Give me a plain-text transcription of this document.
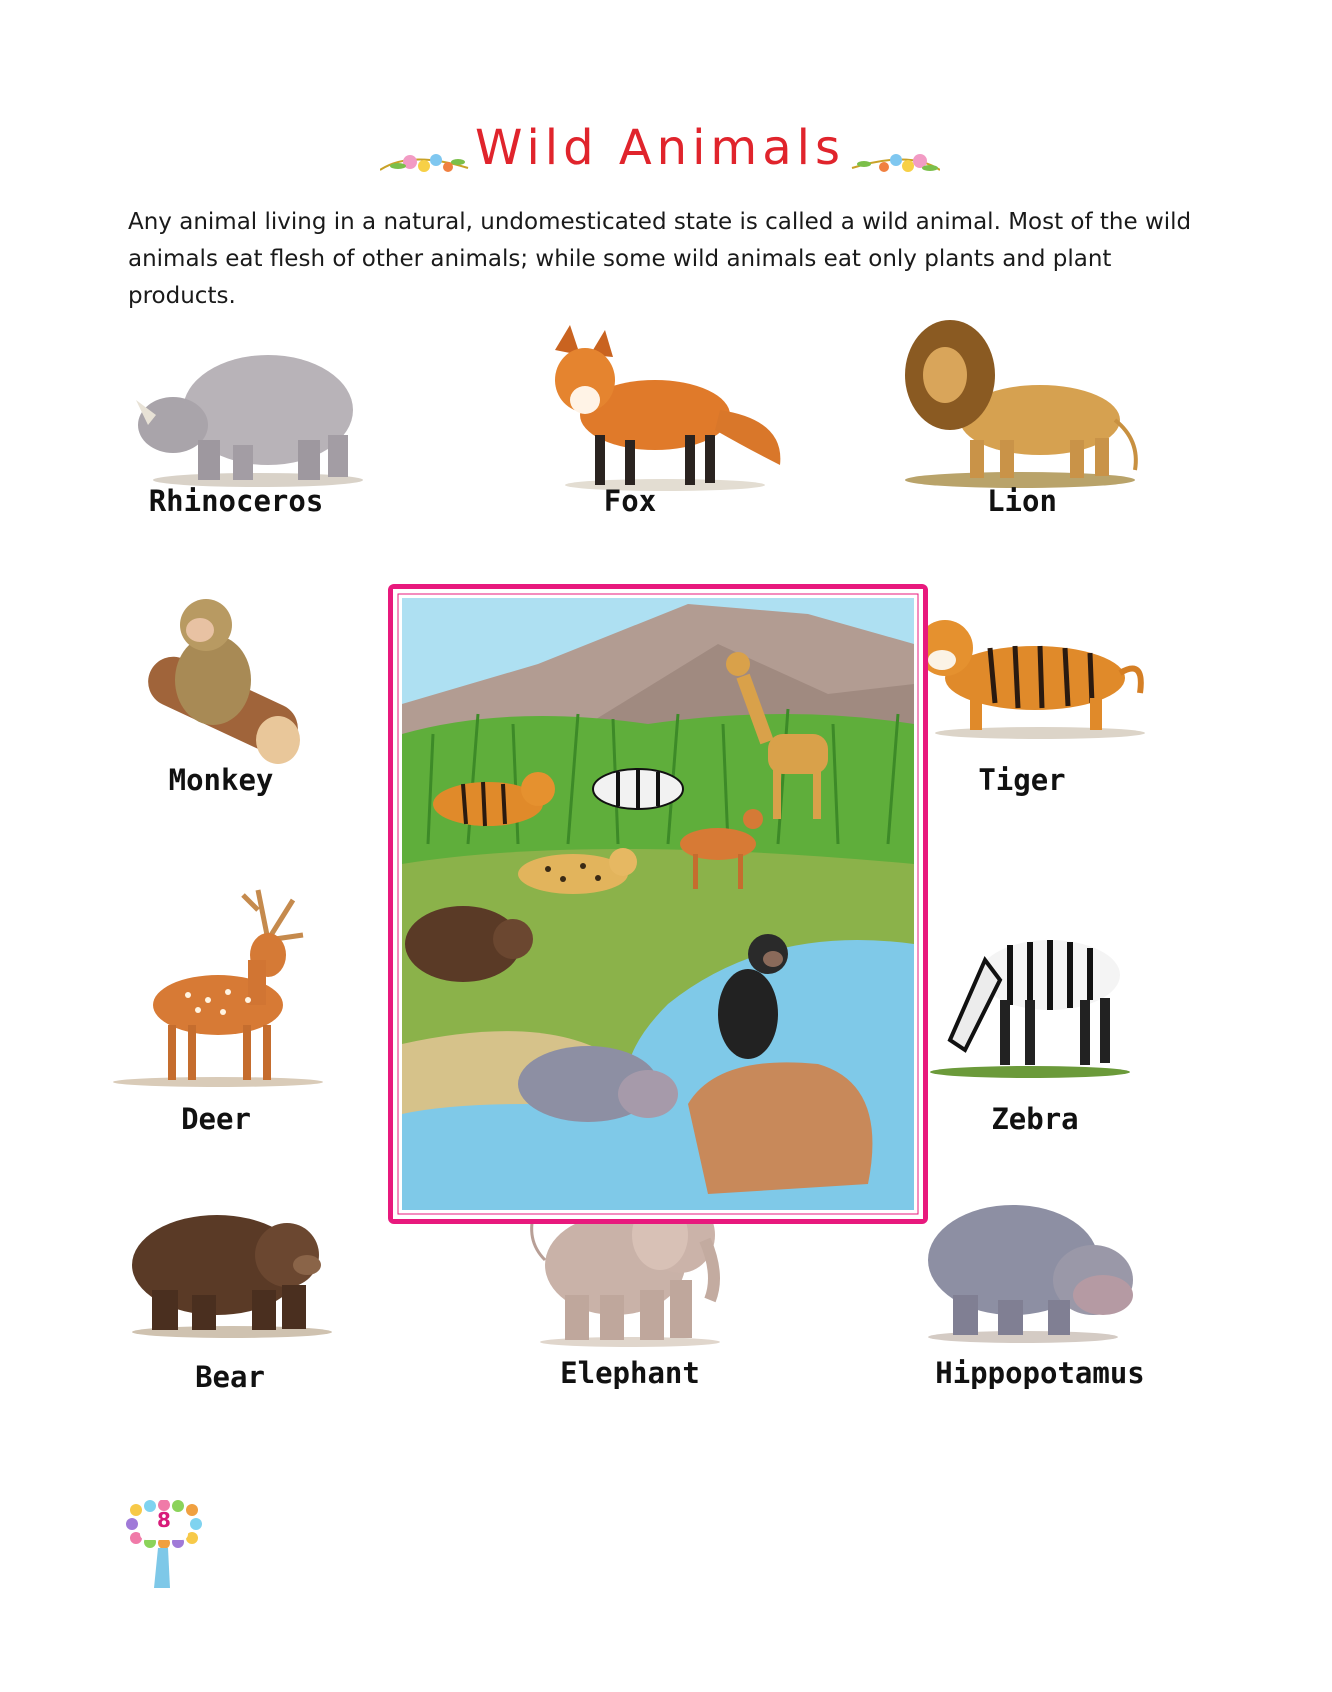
Wild Animals

Any animal living in a natural, undomesticated state is called a wild animal. Most of the wild animals eat flesh of other animals; while some wild animals eat only plants and plant products.

Rhinoceros	Fox	Lion
Monkey	Tiger
Deer	Zebra
Bear	Elephant	Hippopotamus
8
